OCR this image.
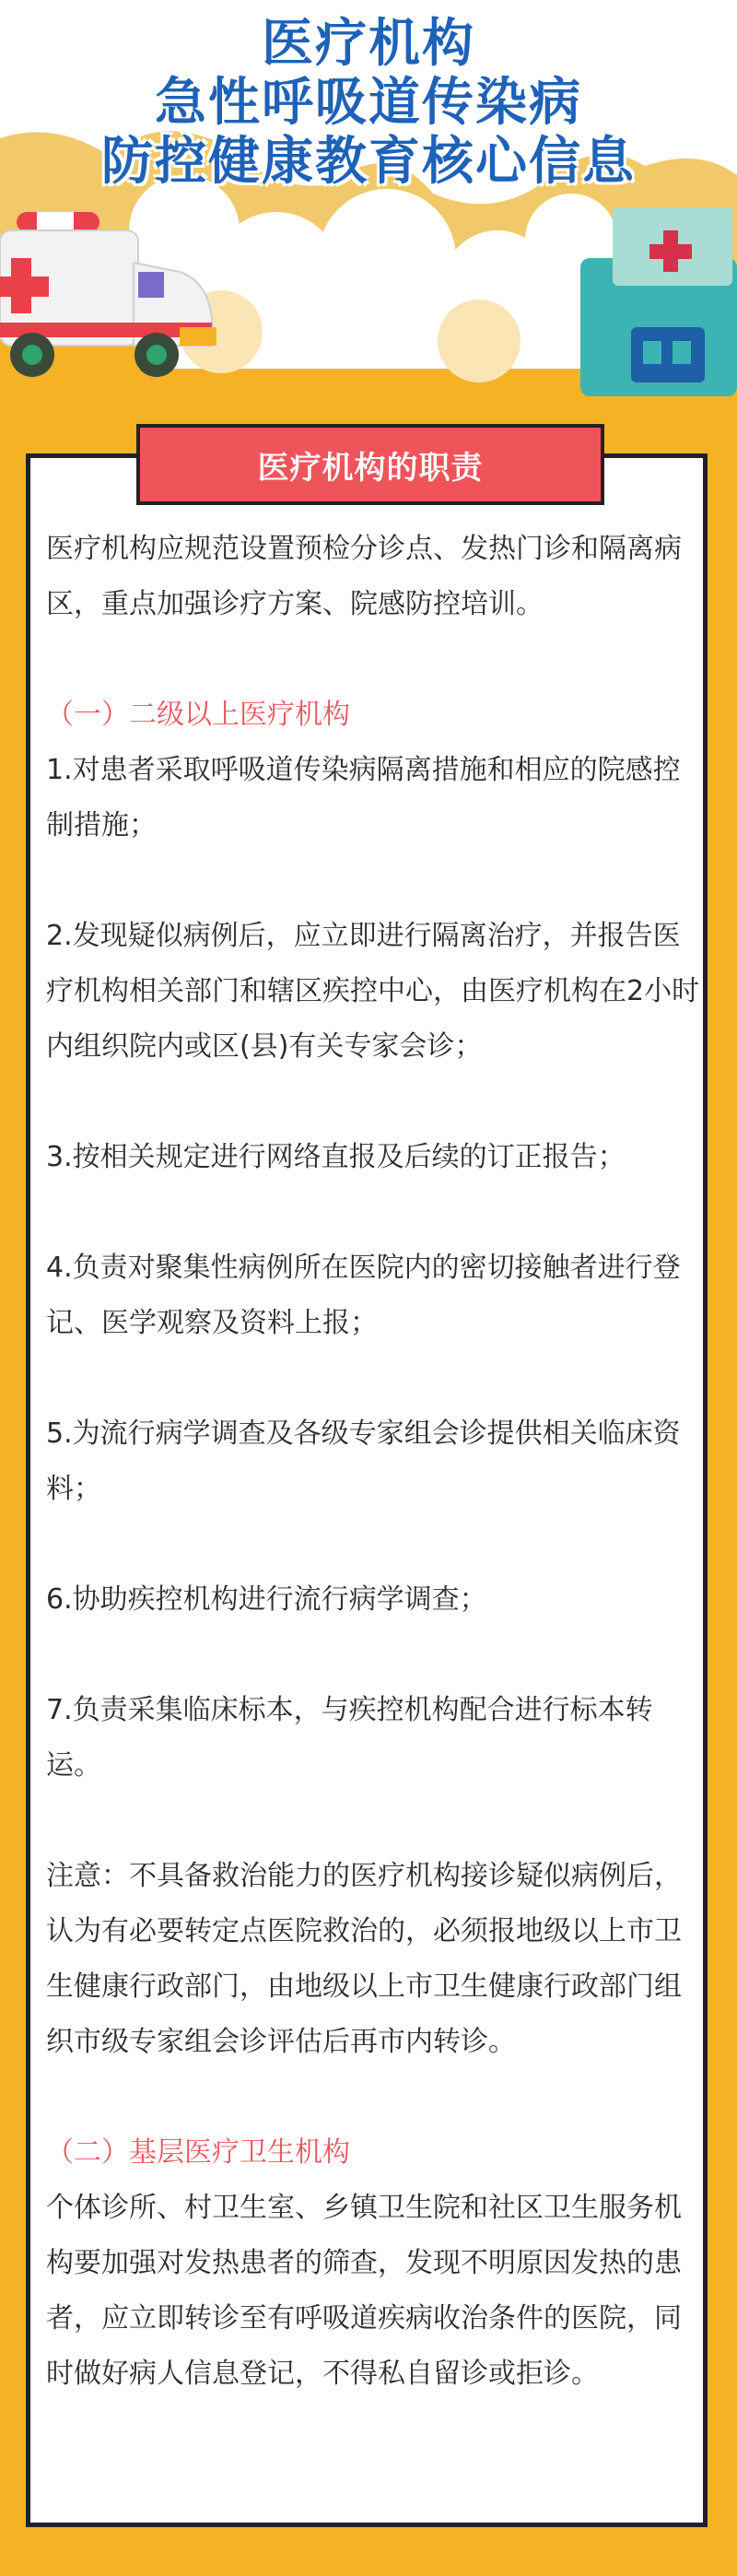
医疗机构
急性呼吸道传染病
防控健康教育核心信息
医疗机构的职责

医疗机构应规范设置预检分诊点、发热门诊和隔离病区，重点加强诊疗方案、院感防控培训。

（一）二级以上医疗机构

1.对患者采取呼吸道传染病隔离措施和相应的院感控制措施；

2.发现疑似病例后，应立即进行隔离治疗，并报告医疗机构相关部门和辖区疾控中心，由医疗机构在2小时内组织院内或区(县)有关专家会诊；

3.按相关规定进行网络直报及后续的订正报告；

4.负责对聚集性病例所在医院内的密切接触者进行登记、医学观察及资料上报；

5.为流行病学调查及各级专家组会诊提供相关临床资料；

6.协助疾控机构进行流行病学调查；

7.负责采集临床标本，与疾控机构配合进行标本转运。

注意：不具备救治能力的医疗机构接诊疑似病例后，认为有必要转定点医院救治的，必须报地级以上市卫生健康行政部门，由地级以上市卫生健康行政部门组织市级专家组会诊评估后再市内转诊。

（二）基层医疗卫生机构

个体诊所、村卫生室、乡镇卫生院和社区卫生服务机构要加强对发热患者的筛查，发现不明原因发热的患者，应立即转诊至有呼吸道疾病收治条件的医院，同时做好病人信息登记，不得私自留诊或拒诊。
